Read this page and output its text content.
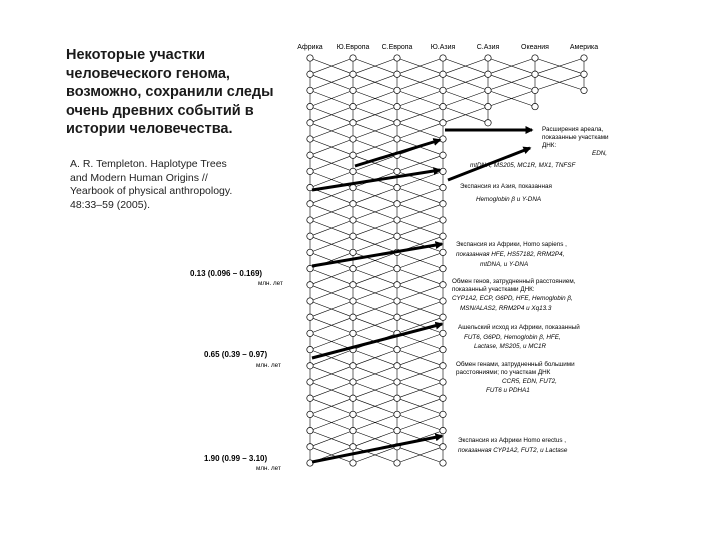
Некоторые участки
человеческого генома,
возможно, сохранили следы
очень древних событий в
истории человечества.
A. R. Templeton. Haplotype Trees
and Modern Human Origins //
Yearbook of physical anthropology.
48:33–59 (2005).
Африка Ю.Европа С.Европа	Ю.Азия	С.Азия	Океания	Америка
Расширения ареала,
показанные участками
ДНК:
EDN,
mtDNA, MS205, MC1R, MX1, TNFSF
Экспансия из Азия, показанная
Hemoglobin β и Y-DNA
Экспансия из Африки, Homo sapiens ,
показанная HFE, HS57182, RRM2P4,
mtDNA, и Y-DNA
Обмен генов, затрудненный расстоянием,
показанный участками ДНК:
CYP1A2, ECP, G6PD, HFE, Hemoglobin β,
MSN/ALAS2, RRM2P4 и Xq13.3
Ашельский исход из Африки, показанный
FUT6, G6PD, Hemoglobin β, HFE,
Lactase, MS205, и MC1R
Обмен генами, затрудненный большими
расстояниями; по участкам ДНК
CCR5, EDN, FUT2,
FUT6 и PDHA1
Экспансия из Африки Homo erectus ,
показанная CYP1A2, FUT2, и Lactase
0.13 (0.096 – 0.169)
млн. лет
0.65 (0.39 – 0.97)
млн. лет
1.90 (0.99 – 3.10)
млн. лет
